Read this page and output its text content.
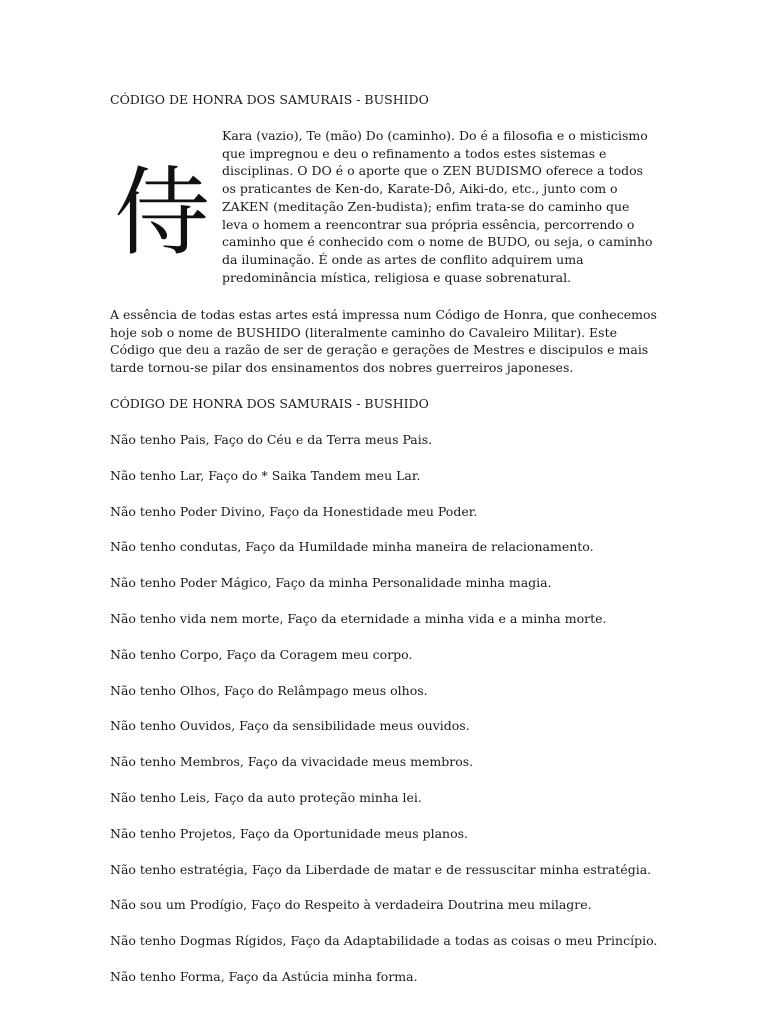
CÓDIGO DE HONRA DOS SAMURAIS - BUSHIDO
侍
Kara (vazio), Te (mão) Do (caminho). Do é a filosofia e o misticismo
que impregnou e deu o refinamento a todos estes sistemas e
disciplinas. O DO é o aporte que o ZEN BUDISMO oferece a todos
os praticantes de Ken-do, Karate-Dô, Aiki-do, etc., junto com o
ZAKEN (meditação Zen-budista); enfim trata-se do caminho que
leva o homem a reencontrar sua própria essência, percorrendo o
caminho que é conhecido com o nome de BUDO, ou seja, o caminho
da iluminação. É onde as artes de conflito adquirem uma
predominância mística, religiosa e quase sobrenatural.
A essência de todas estas artes está impressa num Código de Honra, que conhecemos
hoje sob o nome de BUSHIDO (literalmente caminho do Cavaleiro Militar). Este
Código que deu a razão de ser de geração e gerações de Mestres e discipulos e mais
tarde tornou-se pilar dos ensinamentos dos nobres guerreiros japoneses.
CÓDIGO DE HONRA DOS SAMURAIS - BUSHIDO
Não tenho Pais, Faço do Céu e da Terra meus Pais.
Não tenho Lar, Faço do * Saika Tandem meu Lar.
Não tenho Poder Divino, Faço da Honestidade meu Poder.
Não tenho condutas, Faço da Humildade minha maneira de relacionamento.
Não tenho Poder Mágico, Faço da minha Personalidade minha magia.
Não tenho vida nem morte, Faço da eternidade a minha vida e a minha morte.
Não tenho Corpo, Faço da Coragem meu corpo.
Não tenho Olhos, Faço do Relâmpago meus olhos.
Não tenho Ouvidos, Faço da sensibilidade meus ouvidos.
Não tenho Membros, Faço da vivacidade meus membros.
Não tenho Leis, Faço da auto proteção minha lei.
Não tenho Projetos, Faço da Oportunidade meus planos.
Não tenho estratégia, Faço da Liberdade de matar e de ressuscitar minha estratégia.
Não sou um Prodígio, Faço do Respeito à verdadeira Doutrina meu milagre.
Não tenho Dogmas Rígidos, Faço da Adaptabilidade a todas as coisas o meu Princípio.
Não tenho Forma, Faço da Astúcia minha forma.
